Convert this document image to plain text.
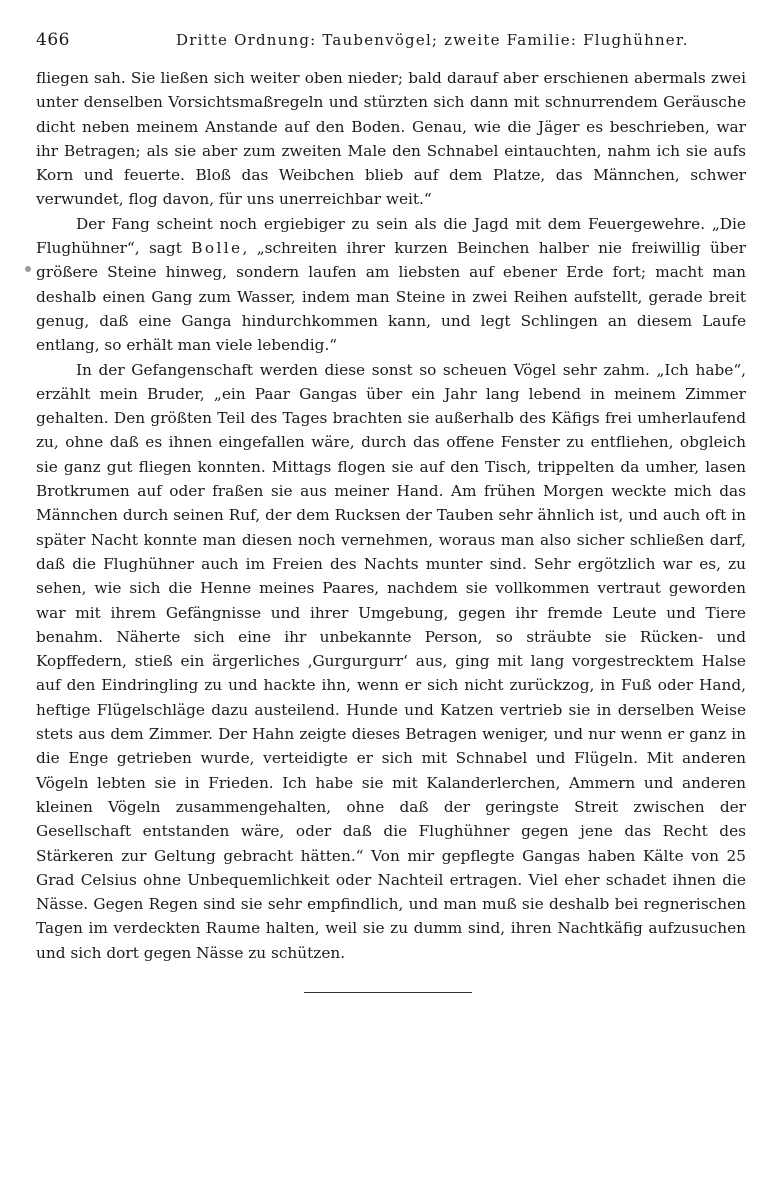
466	Dritte Ordnung: Taubenvögel; zweite Familie: Flughühner.

fliegen sah. Sie ließen sich weiter oben nieder; bald darauf aber erschienen abermals zwei unter denselben Vorsichtsmaßregeln und stürzten sich dann mit schnurrendem Geräusche dicht neben meinem Anstande auf den Boden. Genau, wie die Jäger es beschrieben, war ihr Betragen; als sie aber zum zweiten Male den Schnabel eintauchten, nahm ich sie aufs Korn und feuerte. Bloß das Weibchen blieb auf dem Platze, das Männchen, schwer verwundet, flog davon, für uns unerreichbar weit.“

Der Fang scheint noch ergiebiger zu sein als die Jagd mit dem Feuergewehre. „Die Flughühner“, sagt Bolle, „schreiten ihrer kurzen Beinchen halber nie freiwillig über größere Steine hinweg, sondern laufen am liebsten auf ebener Erde fort; macht man deshalb einen Gang zum Wasser, indem man Steine in zwei Reihen aufstellt, gerade breit genug, daß eine Ganga hindurchkommen kann, und legt Schlingen an diesem Laufe entlang, so erhält man viele lebendig.“

In der Gefangenschaft werden diese sonst so scheuen Vögel sehr zahm. „Ich habe“, erzählt mein Bruder, „ein Paar Gangas über ein Jahr lang lebend in meinem Zimmer gehalten. Den größten Teil des Tages brachten sie außerhalb des Käfigs frei umherlaufend zu, ohne daß es ihnen eingefallen wäre, durch das offene Fenster zu entfliehen, obgleich sie ganz gut fliegen konnten. Mittags flogen sie auf den Tisch, trippelten da umher, lasen Brotkrumen auf oder fraßen sie aus meiner Hand. Am frühen Morgen weckte mich das Männchen durch seinen Ruf, der dem Rucksen der Tauben sehr ähnlich ist, und auch oft in später Nacht konnte man diesen noch vernehmen, woraus man also sicher schließen darf, daß die Flughühner auch im Freien des Nachts munter sind. Sehr ergötzlich war es, zu sehen, wie sich die Henne meines Paares, nachdem sie vollkommen vertraut geworden war mit ihrem Gefängnisse und ihrer Umgebung, gegen ihr fremde Leute und Tiere benahm. Näherte sich eine ihr unbekannte Person, so sträubte sie Rücken- und Kopffedern, stieß ein ärgerliches ‚Gurgurgurr‘ aus, ging mit lang vorgestrecktem Halse auf den Eindringling zu und hackte ihn, wenn er sich nicht zurückzog, in Fuß oder Hand, heftige Flügelschläge dazu austeilend. Hunde und Katzen vertrieb sie in derselben Weise stets aus dem Zimmer. Der Hahn zeigte dieses Betragen weniger, und nur wenn er ganz in die Enge getrieben wurde, verteidigte er sich mit Schnabel und Flügeln. Mit anderen Vögeln lebten sie in Frieden. Ich habe sie mit Kalanderlerchen, Ammern und anderen kleinen Vögeln zusammengehalten, ohne daß der geringste Streit zwischen der Gesellschaft entstanden wäre, oder daß die Flughühner gegen jene das Recht des Stärkeren zur Geltung gebracht hätten.“ Von mir gepflegte Gangas haben Kälte von 25 Grad Celsius ohne Unbequemlichkeit oder Nachteil ertragen. Viel eher schadet ihnen die Nässe. Gegen Regen sind sie sehr empfindlich, und man muß sie deshalb bei regnerischen Tagen im verdeckten Raume halten, weil sie zu dumm sind, ihren Nachtkäfig aufzusuchen und sich dort gegen Nässe zu schützen.
